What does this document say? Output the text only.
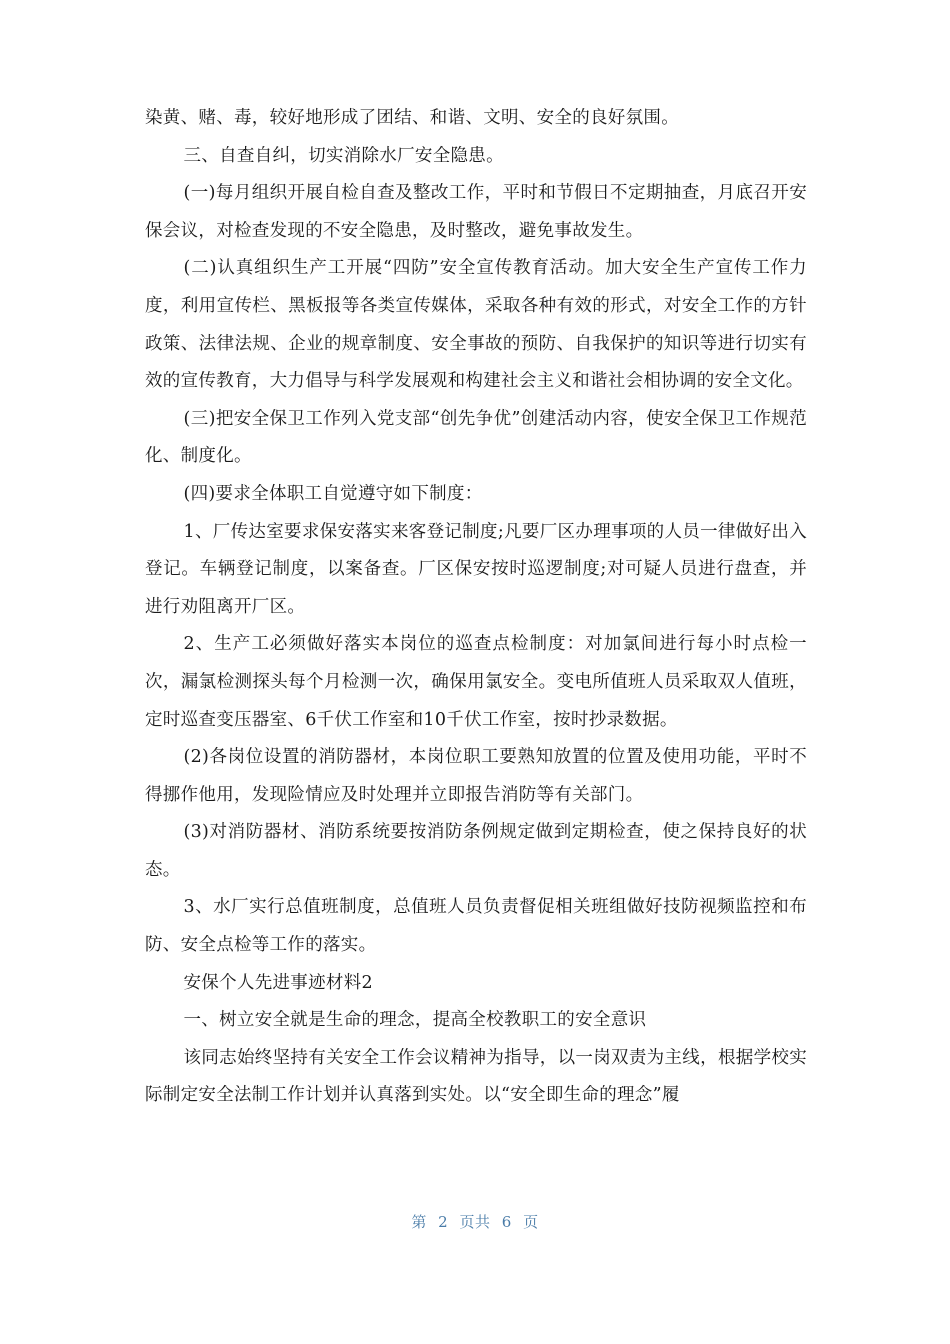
染黄、赌、毒，较好地形成了团结、和谐、文明、安全的良好氛围。

三、自查自纠，切实消除水厂安全隐患。

(一)每月组织开展自检自查及整改工作，平时和节假日不定期抽查，月底召开安保会议，对检查发现的不安全隐患，及时整改，避免事故发生。

(二)认真组织生产工开展“四防”安全宣传教育活动。加大安全生产宣传工作力度，利用宣传栏、黑板报等各类宣传媒体，采取各种有效的形式，对安全工作的方针政策、法律法规、企业的规章制度、安全事故的预防、自我保护的知识等进行切实有效的宣传教育，大力倡导与科学发展观和构建社会主义和谐社会相协调的安全文化。

(三)把安全保卫工作列入党支部“创先争优”创建活动内容，使安全保卫工作规范化、制度化。

(四)要求全体职工自觉遵守如下制度：

1、厂传达室要求保安落实来客登记制度;凡要厂区办理事项的人员一律做好出入登记。车辆登记制度，以案备查。厂区保安按时巡逻制度;对可疑人员进行盘查，并进行劝阻离开厂区。

2、生产工必须做好落实本岗位的巡查点检制度：对加氯间进行每小时点检一次，漏氯检测探头每个月检测一次，确保用氯安全。变电所值班人员采取双人值班，定时巡查变压器室、6千伏工作室和10千伏工作室，按时抄录数据。

(2)各岗位设置的消防器材，本岗位职工要熟知放置的位置及使用功能，平时不得挪作他用，发现险情应及时处理并立即报告消防等有关部门。

(3)对消防器材、消防系统要按消防条例规定做到定期检查，使之保持良好的状态。

3、水厂实行总值班制度，总值班人员负责督促相关班组做好技防视频监控和布防、安全点检等工作的落实。

安保个人先进事迹材料2

一、树立安全就是生命的理念，提高全校教职工的安全意识

该同志始终坚持有关安全工作会议精神为指导，以一岗双责为主线，根据学校实际制定安全法制工作计划并认真落到实处。以“安全即生命的理念”履

第 2 页共 6 页
